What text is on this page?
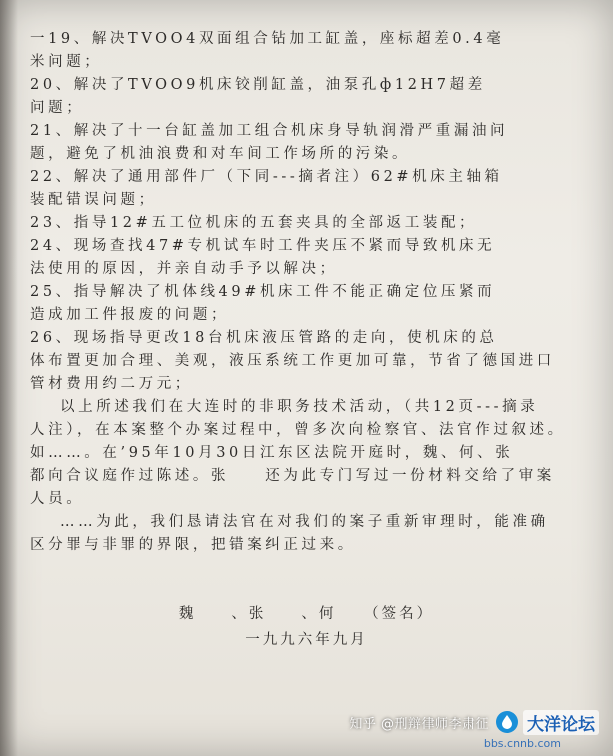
一19、解决TVOO4双面组合钻加工缸盖，座标超差0.4毫
米问题；
20、解决了TVOO9机床铰削缸盖，油泵孔ф12H7超差
问题；
21、解决了十一台缸盖加工组合机床身导轨润滑严重漏油问
题，避免了机油浪费和对车间工作场所的污染。
22、解决了通用部件厂（下同---摘者注）62#机床主轴箱
装配错误问题；
23、指导12#五工位机床的五套夹具的全部返工装配；
24、现场查找47#专机试车时工件夹压不紧而导致机床无
法使用的原因，并亲自动手予以解决；
25、指导解决了机体线49#机床工件不能正确定位压紧而
造成加工件报废的问题；
26、现场指导更改18台机床液压管路的走向，使机床的总
体布置更加合理、美观，液压系统工作更加可靠，节省了德国进口
管材费用约二万元；
以上所述我们在大连时的非职务技术活动，（共12页---摘录
人注），在本案整个办案过程中，曾多次向检察官、法官作过叙述。
如……。在’95年10月30日江东区法院开庭时，魏、何、张
都向合议庭作过陈述。张　　还为此专门写过一份材料交给了审案
人员。
……为此，我们恳请法官在对我们的案子重新审理时，能准确
区分罪与非罪的界限，把错案纠正过来。
魏　　、张　　、何　　（签名）
一九九六年九月
知乎 @刑辩律师李肃征 大洋论坛
bbs.cnnb.com
